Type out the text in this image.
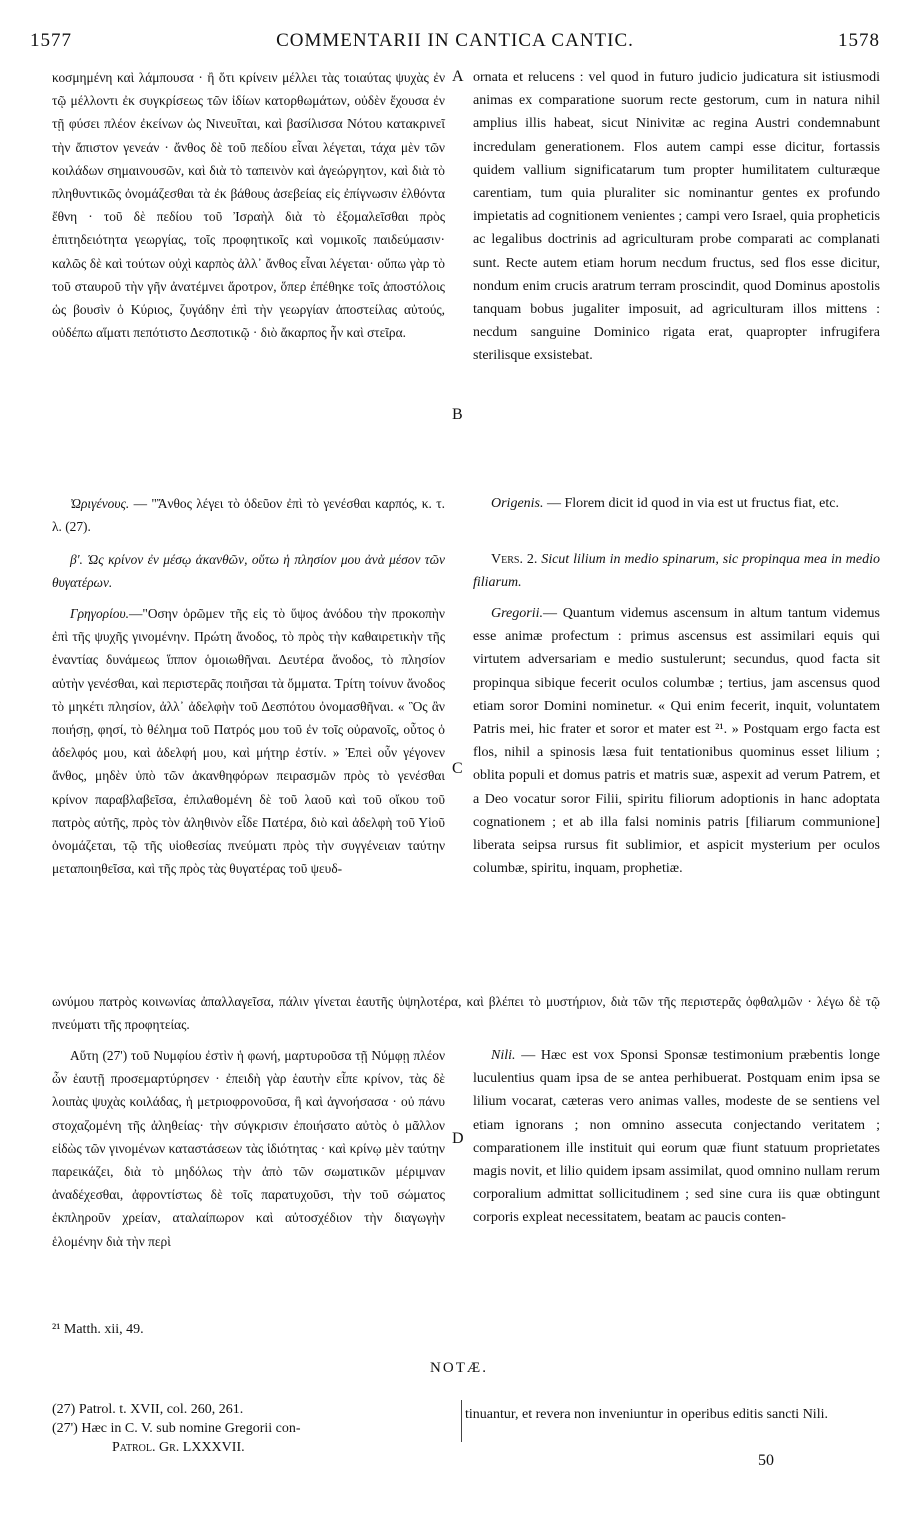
1577	COMMENTARII IN CANTICA CANTIC.	1578

κοσμημένη καὶ λάμπουσα · ἢ ὅτι κρίνειν μέλλει τὰς τοιαύτας ψυχὰς ἐν τῷ μέλλοντι ἐκ συγκρίσεως τῶν ἰδίων κατορθωμάτων, οὐδὲν ἔχουσα ἐν τῇ φύσει πλέον ἐκείνων ὡς Νινευῖται, καὶ βασίλισσα Νότου κατακρινεῖ τὴν ἄπιστον γενεάν · ἄνθος δὲ τοῦ πεδίου εἶναι λέγεται, τάχα μὲν τῶν κοιλάδων σημαινουσῶν, καὶ διὰ τὸ ταπεινὸν καὶ ἀγεώργητον, καὶ διὰ τὸ πληθυντικῶς ὀνομάζεσθαι τὰ ἐκ βάθους ἀσεβείας εἰς ἐπίγνωσιν ἐλθόντα ἔθνη · τοῦ δὲ πεδίου τοῦ Ἰσραὴλ διὰ τὸ ἐξομαλεῖσθαι πρὸς ἐπιτηδειότητα γεωργίας, τοῖς προφητικοῖς καὶ νομικοῖς παιδεύμασιν· καλῶς δὲ καὶ τούτων οὐχὶ καρπὸς ἀλλ᾽ ἄνθος εἶναι λέγεται· οὔπω γὰρ τὸ τοῦ σταυροῦ τὴν γῆν ἀνατέμνει ἄροτρον, ὅπερ ἐπέθηκε τοῖς ἀποστόλοις ὡς βουσὶν ὁ Κύριος, ζυγάδην ἐπὶ τὴν γεωργίαν ἀποστείλας αὐτούς, οὐδέπω αἵματι πεπότιστο Δεσποτικῷ · διὸ ἄκαρπος ἦν καὶ στεῖρα.

ornata et relucens : vel quod in futuro judicio judicatura sit istiusmodi animas ex comparatione suorum recte gestorum, cum in natura nihil amplius illis habeat, sicut Ninivitæ ac regina Austri condemnabunt incredulam generationem. Flos autem campi esse dicitur, fortassis quidem vallium significatarum tum propter humilitatem culturæque carentiam, tum quia pluraliter sic nominantur gentes ex profundo impietatis ad cognitionem venientes ; campi vero Israel, quia propheticis ac legalibus doctrinis ad agriculturam probe comparati ac complanati sunt. Recte autem etiam horum necdum fructus, sed flos esse dicitur, nondum enim crucis aratrum terram proscindit, quod Dominus apostolis tanquam bobus jugaliter imposuit, ad agriculturam illos mittens : necdum sanguine Dominico rigata erat, quapropter infrugifera sterilisque exsistebat.

A
B

Ὠριγένους. — "Ἄνθος λέγει τὸ ὁδεῦον ἐπὶ τὸ γενέσθαι καρπός, κ. τ. λ. (27).

Origenis. — Florem dicit id quod in via est ut fructus fiat, etc.

β'. Ὡς κρίνον ἐν μέσῳ ἀκανθῶν, οὕτω ἡ πλησίον μου ἀνὰ μέσον τῶν θυγατέρων.

Vers. 2. Sicut lilium in medio spinarum, sic propinqua mea in medio filiarum.

Γρηγορίου.—"Οσην ὁρῶμεν τῆς εἰς τὸ ὕψος ἀνόδου τὴν προκοπὴν ἐπὶ τῆς ψυχῆς γινομένην. Πρώτη ἄνοδος, τὸ πρὸς τὴν καθαιρετικὴν τῆς ἐναντίας δυνάμεως ἵππον ὁμοιωθῆναι. Δευτέρα ἄνοδος, τὸ πλησίον αὐτὴν γενέσθαι, καὶ περιστερᾶς ποιῆσαι τὰ ὄμματα. Τρίτη τοίνυν ἄνοδος τὸ μηκέτι πλησίον, ἀλλ᾽ ἀδελφὴν τοῦ Δεσπότου ὀνομασθῆναι. « Ὃς ἂν ποιήσῃ, φησί, τὸ θέλημα τοῦ Πατρός μου τοῦ ἐν τοῖς οὐρανοῖς, οὗτος ὁ ἀδελφός μου, καὶ ἀδελφή μου, καὶ μήτηρ ἐστίν. » Ἐπεὶ οὖν γέγονεν ἄνθος, μηδὲν ὑπὸ τῶν ἀκανθηφόρων πειρασμῶν πρὸς τὸ γενέσθαι κρίνον παραβλαβεῖσα, ἐπιλαθομένη δὲ τοῦ λαοῦ καὶ τοῦ οἴκου τοῦ πατρὸς αὐτῆς, πρὸς τὸν ἀληθινὸν εἶδε Πατέρα, διὸ καὶ ἀδελφὴ τοῦ Υἱοῦ ὀνομάζεται, τῷ τῆς υἱοθεσίας πνεύματι πρὸς τὴν συγγένειαν ταύτην μεταποιηθεῖσα, καὶ τῆς πρὸς τὰς θυγατέρας τοῦ ψευδ-

Gregorii.— Quantum videmus ascensum in altum tantum videmus esse animæ profectum : primus ascensus est assimilari equis qui virtutem adversariam e medio sustulerunt; secundus, quod facta sit propinqua sibique fecerit oculos columbæ ; tertius, jam ascensus quod etiam soror Domini nominetur. « Qui enim fecerit, inquit, voluntatem Patris mei, hic frater et soror et mater est ²¹. » Postquam ergo facta est flos, nihil a spinosis læsa fuit tentationibus quominus esset lilium ; oblita populi et domus patris et matris suæ, aspexit ad verum Patrem, et a Deo vocatur soror Filii, spiritu filiorum adoptionis in hanc adoptata cognationem ; et ab illa falsi nominis patris [filiarum communione] liberata seipsa rursus fit sublimior, et aspicit mysterium per oculos columbæ, spiritu, inquam, prophetiæ.

C
ωνύμου πατρὸς κοινωνίας ἀπαλλαγεῖσα, πάλιν γίνεται ἑαυτῆς ὑψηλοτέρα, καὶ βλέπει τὸ μυστήριον, διὰ τῶν τῆς περιστερᾶς ὀφθαλμῶν · λέγω δὲ τῷ πνεύματι τῆς προφητείας.

Αὕτη (27') τοῦ Νυμφίου ἐστὶν ἡ φωνή, μαρτυροῦσα τῇ Νύμφῃ πλέον ὧν ἑαυτῇ προσεμαρτύρησεν · ἐπειδὴ γὰρ ἑαυτὴν εἶπε κρίνον, τὰς δὲ λοιπὰς ψυχὰς κοιλάδας, ἡ μετριοφρονοῦσα, ἢ καὶ ἀγνοήσασα · οὐ πάνυ στοχαζομένη τῆς ἀληθείας· τὴν σύγκρισιν ἐποιήσατο αὐτὸς ὁ μᾶλλον εἰδὼς τῶν γινομένων καταστάσεων τὰς ἰδιότητας · καὶ κρίνῳ μὲν ταύτην παρεικάζει, διὰ τὸ μηδόλως τὴν ἀπὸ τῶν σωματικῶν μέριμναν ἀναδέχεσθαι, ἀφροντίστως δὲ τοῖς παρατυχοῦσι, τὴν τοῦ σώματος ἐκπληροῦν χρείαν, αταλαίπωρον καὶ αὐτοσχέδιον τὴν διαγωγὴν ἑλομένην διὰ τὴν περὶ

Nili. — Hæc est vox Sponsi Sponsæ testimonium præbentis longe luculentius quam ipsa de se antea perhibuerat. Postquam enim ipsa se lilium vocarat, cæteras vero animas valles, modeste de se sentiens vel etiam ignorans ; non omnino assecuta conjectando veritatem ; comparationem ille instituit qui eorum quæ fiunt statuum proprietates magis novit, et lilio quidem ipsam assimilat, quod omnino nullam rerum corporalium admittat sollicitudinem ; sed sine cura iis quæ obtingunt corporis expleat necessitatem, beatam ac paucis conten-

D
²¹ Matth. xii, 49.
NOTÆ.
(27) Patrol. t. XVII, col. 260, 261.
(27') Hæc in C. V. sub nomine Gregorii con-
Patrol. Gr. LXXXVII.
tinuantur, et revera non inveniuntur in operibus editis sancti Nili.
50
